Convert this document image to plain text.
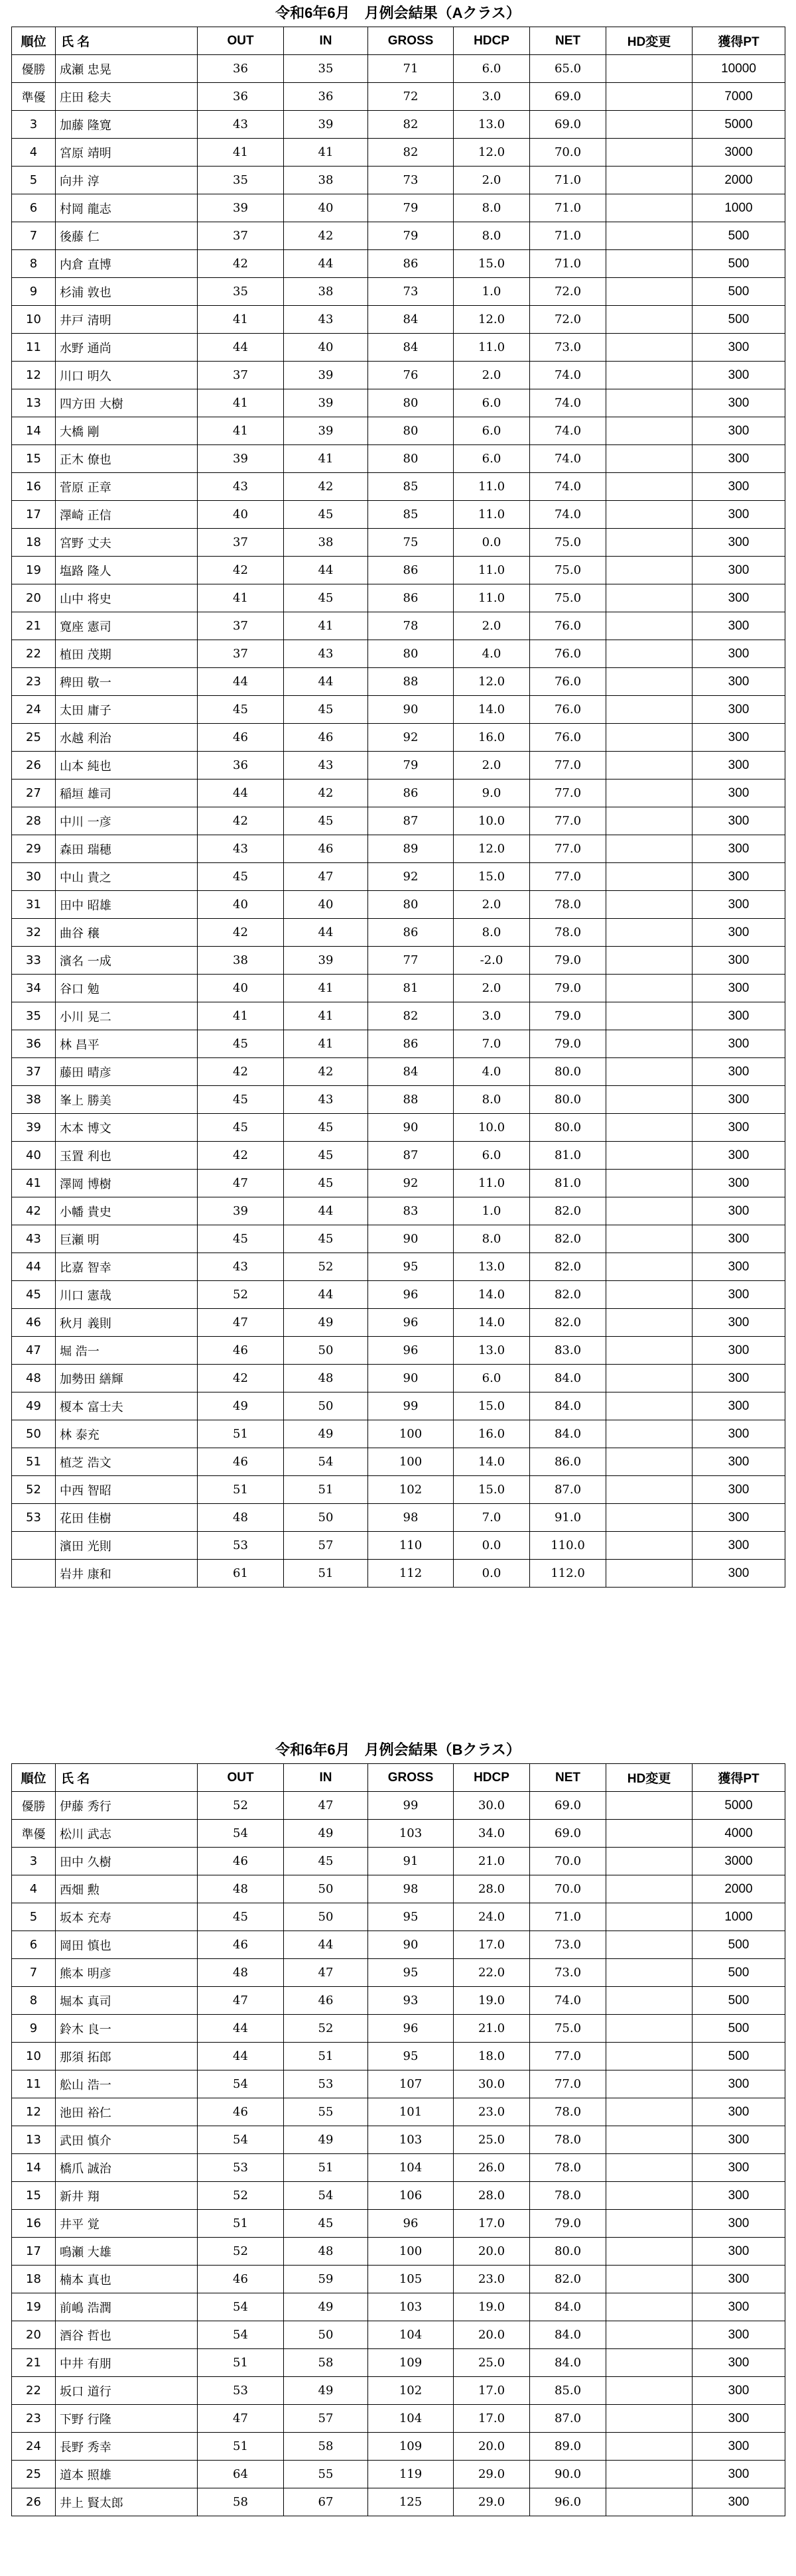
令和6年6月　月例会結果（Aクラス）
順位	氏 名	OUT	IN	GROSS	HDCP	NET	HD変更	獲得PT
優勝	成瀬 忠晃	36	35	71	6.0	65.0		10000
準優	庄田 稔夫	36	36	72	3.0	69.0		7000
3	加藤 隆寛	43	39	82	13.0	69.0		5000
4	宮原 靖明	41	41	82	12.0	70.0		3000
5	向井 淳	35	38	73	2.0	71.0		2000
6	村岡 龍志	39	40	79	8.0	71.0		1000
7	後藤 仁	37	42	79	8.0	71.0		500
8	内倉 直博	42	44	86	15.0	71.0		500
9	杉浦 敦也	35	38	73	1.0	72.0		500
10	井戸 清明	41	43	84	12.0	72.0		500
11	水野 通尚	44	40	84	11.0	73.0		300
12	川口 明久	37	39	76	2.0	74.0		300
13	四方田 大樹	41	39	80	6.0	74.0		300
14	大橋 剛	41	39	80	6.0	74.0		300
15	正木 僚也	39	41	80	6.0	74.0		300
16	菅原 正章	43	42	85	11.0	74.0		300
17	澤崎 正信	40	45	85	11.0	74.0		300
18	宮野 丈夫	37	38	75	0.0	75.0		300
19	塩路 隆人	42	44	86	11.0	75.0		300
20	山中 将史	41	45	86	11.0	75.0		300
21	寛座 憲司	37	41	78	2.0	76.0		300
22	植田 茂期	37	43	80	4.0	76.0		300
23	稗田 敬一	44	44	88	12.0	76.0		300
24	太田 庸子	45	45	90	14.0	76.0		300
25	水越 利治	46	46	92	16.0	76.0		300
26	山本 純也	36	43	79	2.0	77.0		300
27	稲垣 雄司	44	42	86	9.0	77.0		300
28	中川 一彦	42	45	87	10.0	77.0		300
29	森田 瑞穂	43	46	89	12.0	77.0		300
30	中山 貴之	45	47	92	15.0	77.0		300
31	田中 昭雄	40	40	80	2.0	78.0		300
32	曲谷 穣	42	44	86	8.0	78.0		300
33	濱名 一成	38	39	77	-2.0	79.0		300
34	谷口 勉	40	41	81	2.0	79.0		300
35	小川 晃二	41	41	82	3.0	79.0		300
36	林 昌平	45	41	86	7.0	79.0		300
37	藤田 晴彦	42	42	84	4.0	80.0		300
38	峯上 勝美	45	43	88	8.0	80.0		300
39	木本 博文	45	45	90	10.0	80.0		300
40	玉置 利也	42	45	87	6.0	81.0		300
41	澤岡 博樹	47	45	92	11.0	81.0		300
42	小幡 貴史	39	44	83	1.0	82.0		300
43	巨瀬 明	45	45	90	8.0	82.0		300
44	比嘉 智幸	43	52	95	13.0	82.0		300
45	川口 憲哉	52	44	96	14.0	82.0		300
46	秋月 義則	47	49	96	14.0	82.0		300
47	堀 浩一	46	50	96	13.0	83.0		300
48	加勢田 繕輝	42	48	90	6.0	84.0		300
49	榎本 富士夫	49	50	99	15.0	84.0		300
50	林 泰充	51	49	100	16.0	84.0		300
51	植芝 浩文	46	54	100	14.0	86.0		300
52	中西 智昭	51	51	102	15.0	87.0		300
53	花田 佳樹	48	50	98	7.0	91.0		300
	濱田 光則	53	57	110	0.0	110.0		300
	岩井 康和	61	51	112	0.0	112.0		300
令和6年6月　月例会結果（Bクラス）
順位	氏 名	OUT	IN	GROSS	HDCP	NET	HD変更	獲得PT
優勝	伊藤 秀行	52	47	99	30.0	69.0		5000
準優	松川 武志	54	49	103	34.0	69.0		4000
3	田中 久樹	46	45	91	21.0	70.0		3000
4	西畑 勲	48	50	98	28.0	70.0		2000
5	坂本 充寿	45	50	95	24.0	71.0		1000
6	岡田 慎也	46	44	90	17.0	73.0		500
7	熊本 明彦	48	47	95	22.0	73.0		500
8	堀本 真司	47	46	93	19.0	74.0		500
9	鈴木 良一	44	52	96	21.0	75.0		500
10	那須 拓郎	44	51	95	18.0	77.0		500
11	舩山 浩一	54	53	107	30.0	77.0		300
12	池田 裕仁	46	55	101	23.0	78.0		300
13	武田 慎介	54	49	103	25.0	78.0		300
14	橋爪 誠治	53	51	104	26.0	78.0		300
15	新井 翔	52	54	106	28.0	78.0		300
16	井平 覚	51	45	96	17.0	79.0		300
17	鳴瀬 大雄	52	48	100	20.0	80.0		300
18	楠本 真也	46	59	105	23.0	82.0		300
19	前嶋 浩潤	54	49	103	19.0	84.0		300
20	酒谷 哲也	54	50	104	20.0	84.0		300
21	中井 有朋	51	58	109	25.0	84.0		300
22	坂口 道行	53	49	102	17.0	85.0		300
23	下野 行隆	47	57	104	17.0	87.0		300
24	長野 秀幸	51	58	109	20.0	89.0		300
25	道本 照雄	64	55	119	29.0	90.0		300
26	井上 賢太郎	58	67	125	29.0	96.0		300
